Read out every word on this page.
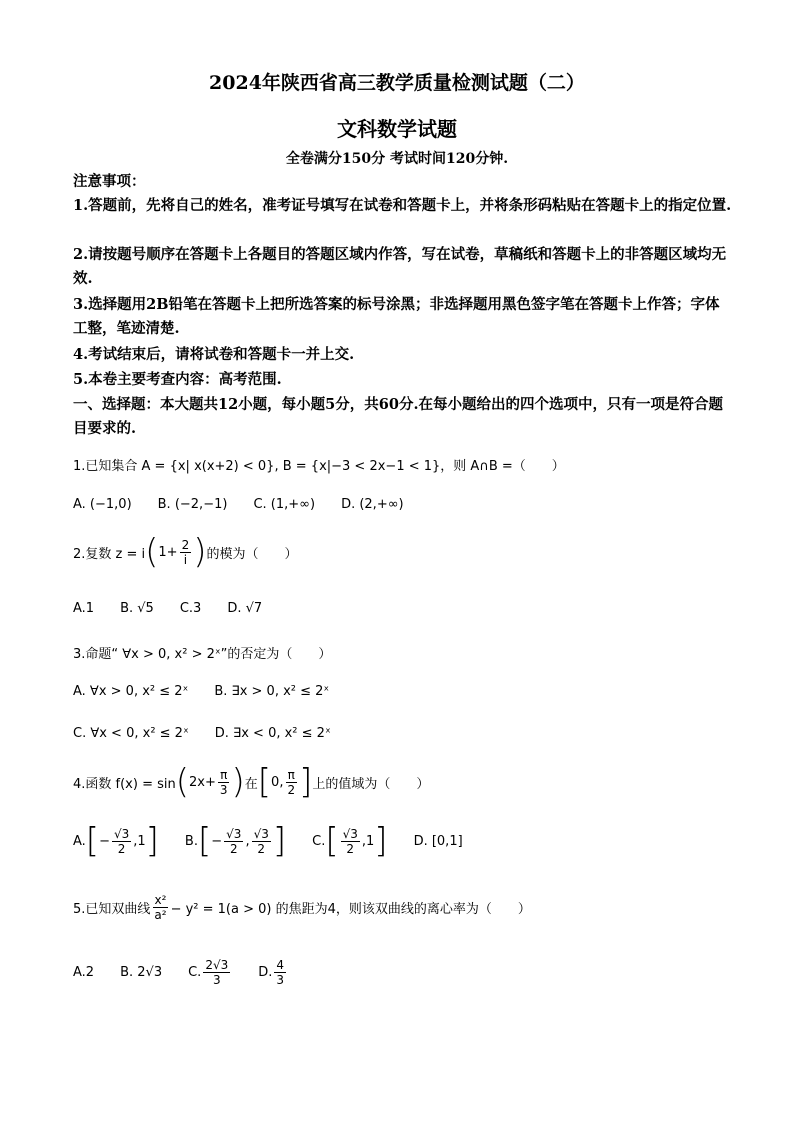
2024年陕西省高三教学质量检测试题（二）
文科数学试题
全卷满分150分 考试时间120分钟.
注意事项：
1.答题前，先将自己的姓名，准考证号填写在试卷和答题卡上，并将条形码粘贴在答题卡上的指定位置.
2.请按题号顺序在答题卡上各题目的答题区域内作答，写在试卷，草稿纸和答题卡上的非答题区域均无效.
3.选择题用2B铅笔在答题卡上把所选答案的标号涂黑；非选择题用黑色签字笔在答题卡上作答；字体工整，笔迹清楚.
4.考试结束后，请将试卷和答题卡一并上交.
5.本卷主要考查内容：高考范围.
一、选择题：本大题共12小题，每小题5分，共60分.在每小题给出的四个选项中，只有一项是符合题目要求的.
1.已知集合 A = {x| x(x+2) < 0}, B = {x|−3 < 2x−1 < 1}，则 A∩B =（　　）
A. (−1,0) B. (−2,−1) C. (1,+∞) D. (2,+∞)
2.复数 z = i ( $1+ \frac{2}{i}$ ) 的模为（　　）
A.1 B. √5 C.3 D. √7
3.命题“ ∀x > 0, x² > 2ˣ”的否定为（　　）
A. ∀x > 0, x² ≤ 2ˣ B. ∃x > 0, x² ≤ 2ˣ
C. ∀x < 0, x² ≤ 2ˣ D. ∃x < 0, x² ≤ 2ˣ
4.函数 f(x) = sin ( $2x+ \frac{\pi}{3}$ ) 在 [ 0, $\frac{\pi}{2}$ ] 上的值域为（　　）
A. [ − $\frac{√3}{2} ,1$ ] B. [ − $\frac{√3}{2}$ , $\frac{√3}{2}$ ] C. [ $\frac{√3}{2} ,1$ ] D. [0,1]
5.已知双曲线 $\frac{\text{x²}}{\text{a²}} - y^2 = 1(a > 0)$ 的焦距为4，则该双曲线的离心率为（　　）
A.2 B. 2√3 C. $\frac{2√3}{3} D$. $\frac{4}{3}$
